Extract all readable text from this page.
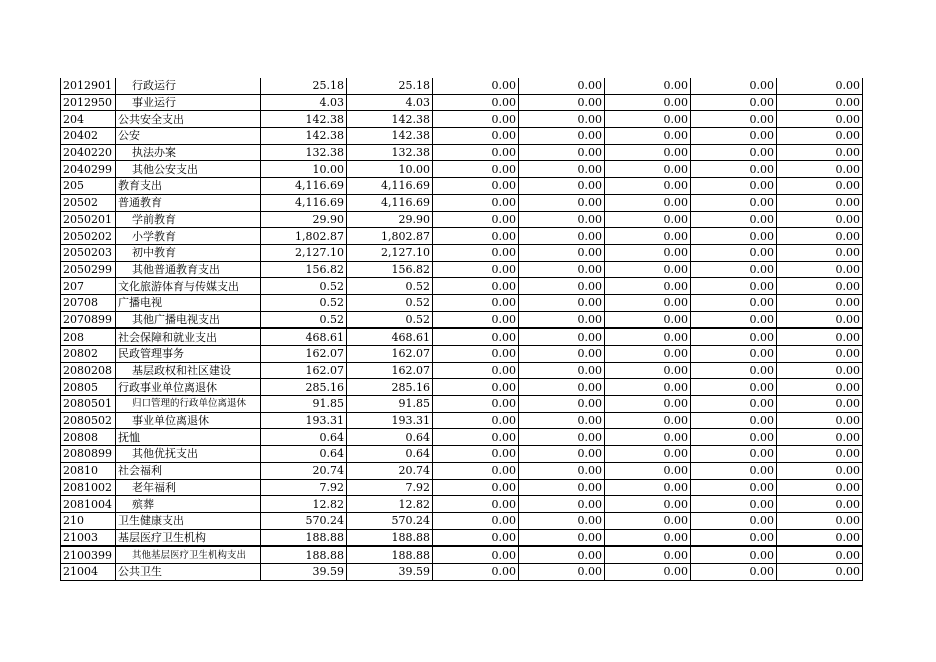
2012901	行政运行	25.18	25.18	0.00	0.00	0.00	0.00	0.00
2012950	事业运行	4.03	4.03	0.00	0.00	0.00	0.00	0.00
204	公共安全支出	142.38	142.38	0.00	0.00	0.00	0.00	0.00
20402	公安	142.38	142.38	0.00	0.00	0.00	0.00	0.00
2040220	执法办案	132.38	132.38	0.00	0.00	0.00	0.00	0.00
2040299	其他公安支出	10.00	10.00	0.00	0.00	0.00	0.00	0.00
205	教育支出	4,116.69	4,116.69	0.00	0.00	0.00	0.00	0.00
20502	普通教育	4,116.69	4,116.69	0.00	0.00	0.00	0.00	0.00
2050201	学前教育	29.90	29.90	0.00	0.00	0.00	0.00	0.00
2050202	小学教育	1,802.87	1,802.87	0.00	0.00	0.00	0.00	0.00
2050203	初中教育	2,127.10	2,127.10	0.00	0.00	0.00	0.00	0.00
2050299	其他普通教育支出	156.82	156.82	0.00	0.00	0.00	0.00	0.00
207	文化旅游体育与传媒支出	0.52	0.52	0.00	0.00	0.00	0.00	0.00
20708	广播电视	0.52	0.52	0.00	0.00	0.00	0.00	0.00
2070899	其他广播电视支出	0.52	0.52	0.00	0.00	0.00	0.00	0.00
208	社会保障和就业支出	468.61	468.61	0.00	0.00	0.00	0.00	0.00
20802	民政管理事务	162.07	162.07	0.00	0.00	0.00	0.00	0.00
2080208	基层政权和社区建设	162.07	162.07	0.00	0.00	0.00	0.00	0.00
20805	行政事业单位离退休	285.16	285.16	0.00	0.00	0.00	0.00	0.00
2080501	归口管理的行政单位离退休	91.85	91.85	0.00	0.00	0.00	0.00	0.00
2080502	事业单位离退休	193.31	193.31	0.00	0.00	0.00	0.00	0.00
20808	抚恤	0.64	0.64	0.00	0.00	0.00	0.00	0.00
2080899	其他优抚支出	0.64	0.64	0.00	0.00	0.00	0.00	0.00
20810	社会福利	20.74	20.74	0.00	0.00	0.00	0.00	0.00
2081002	老年福利	7.92	7.92	0.00	0.00	0.00	0.00	0.00
2081004	殡葬	12.82	12.82	0.00	0.00	0.00	0.00	0.00
210	卫生健康支出	570.24	570.24	0.00	0.00	0.00	0.00	0.00
21003	基层医疗卫生机构	188.88	188.88	0.00	0.00	0.00	0.00	0.00
2100399	其他基层医疗卫生机构支出	188.88	188.88	0.00	0.00	0.00	0.00	0.00
21004	公共卫生	39.59	39.59	0.00	0.00	0.00	0.00	0.00
